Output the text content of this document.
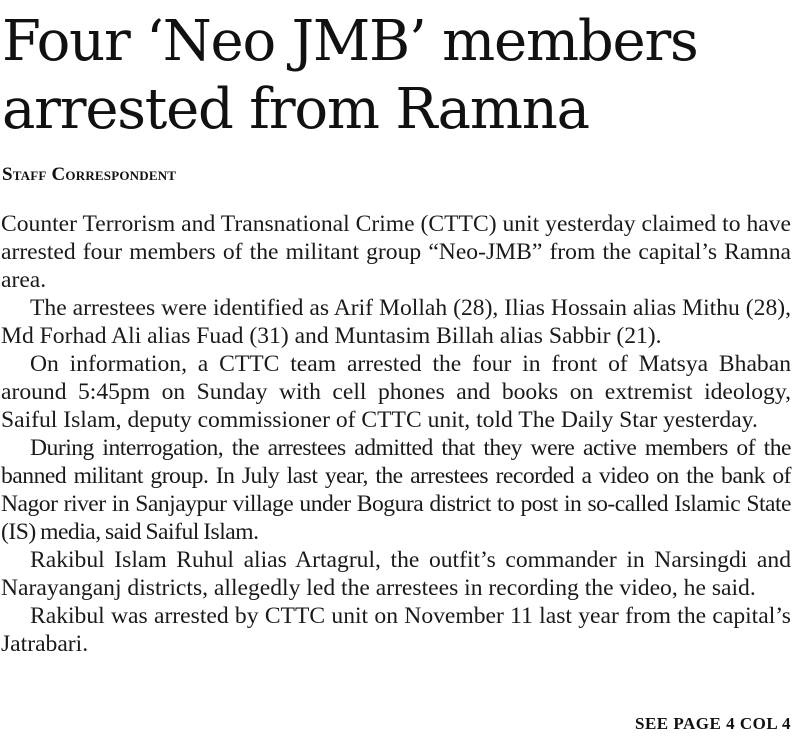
Four ‘Neo JMB’ members
arrested from Ramna
Staff Correspondent

Counter Terrorism and Transnational Crime (CTTC) unit yesterday claimed to have arrested four members of the militant group “Neo-JMB” from the capital’s Ramna area.

The arrestees were identified as Arif Mollah (28), Ilias Hossain alias Mithu (28), Md Forhad Ali alias Fuad (31) and Muntasim Billah alias Sabbir (21).

On information, a CTTC team arrested the four in front of Matsya Bhaban around 5:45pm on Sunday with cell phones and books on extremist ideology, Saiful Islam, deputy commissioner of CTTC unit, told The Daily Star yesterday.

During interrogation, the arrestees admitted that they were active members of the banned militant group. In July last year, the arrestees recorded a video on the bank of Nagor river in Sanjaypur village under Bogura district to post in so-called Islamic State (IS) media, said Saiful Islam.

Rakibul Islam Ruhul alias Artagrul, the outfit’s commander in Narsingdi and Narayanganj districts, allegedly led the arrestees in recording the video, he said.

Rakibul was arrested by CTTC unit on November 11 last year from the capital’s Jatrabari.

SEE PAGE 4 COL 4
